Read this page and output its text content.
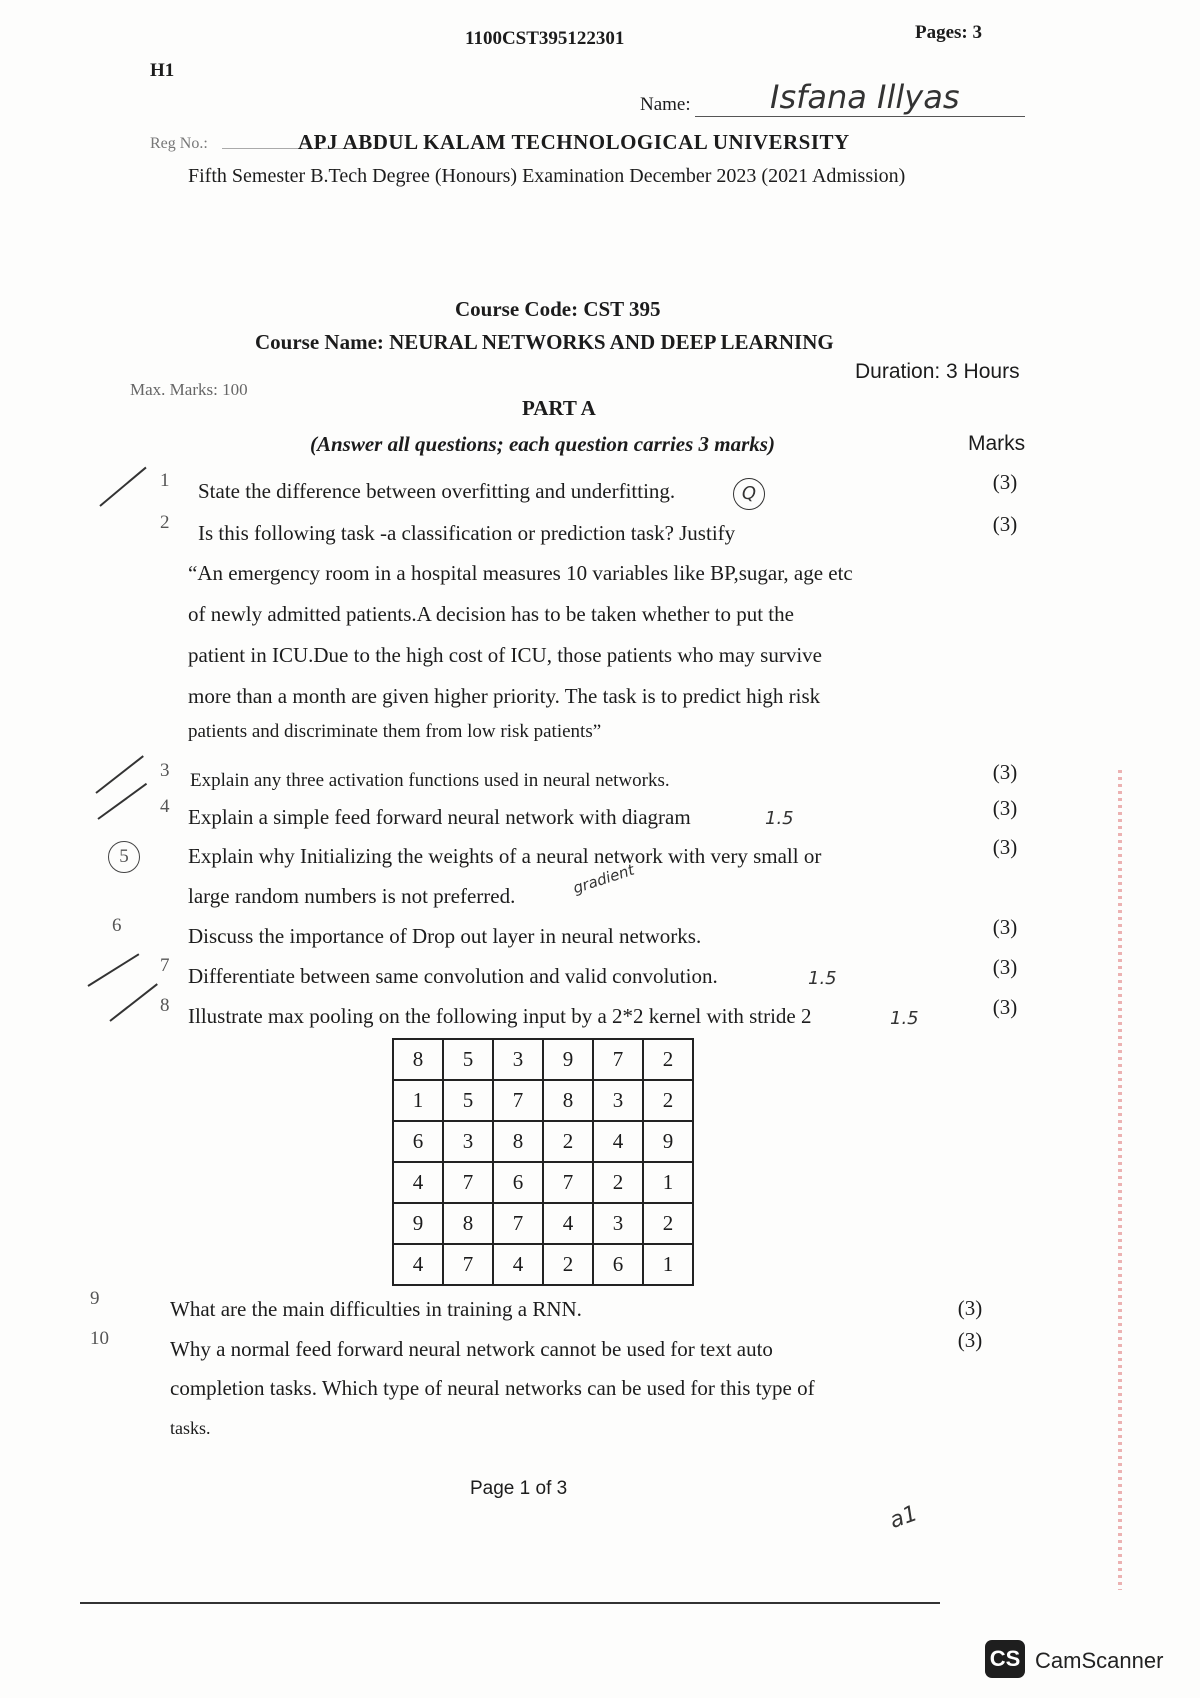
1100CST395122301	Pages: 3
H1
Name: Isfana Illyas
Reg No.:	APJ ABDUL KALAM TECHNOLOGICAL UNIVERSITY
Fifth Semester B.Tech Degree (Honours) Examination December 2023 (2021 Admission)
Course Code: CST 395
Course Name: NEURAL NETWORKS AND DEEP LEARNING
Max. Marks: 100
Duration: 3 Hours
PART A
(Answer all questions; each question carries 3 marks)	Marks
1 State the difference between overfitting and underfitting.	(3)
Q
2 Is this following task -a classification or prediction task? Justify	(3)
“An emergency room in a hospital measures 10 variables like BP,sugar, age etc
of newly admitted patients.A decision has to be taken whether to put the
patient in ICU.Due to the high cost of ICU, those patients who may survive
more than a month are given higher priority. The task is to predict high risk
patients and discriminate them from low risk patients”
3 Explain any three activation functions used in neural networks.	(3)
4 Explain a simple feed forward neural network with diagram	(3)
1.5
5	Explain why Initializing the weights of a neural network with very small or	(3)
large random numbers is not preferred.	gradient
6	Discuss the importance of Drop out layer in neural networks.	(3)
7 Differentiate between same convolution and valid convolution.	(3)
1.5
8 Illustrate max pooling on the following input by a 2*2 kernel with stride 2	(3)
1.5
8	5	3	9	7	2
1	5	7	8	3	2
6	3	8	2	4	9
4	7	6	7	2	1
9	8	7	4	3	2
4	7	4	2	6	1
9	What are the main difficulties in training a RNN.	(3)
10	Why a normal feed forward neural network cannot be used for text auto	(3)
completion tasks. Which type of neural networks can be used for this type of
tasks.
Page 1 of 3
a1
CS CamScanner
